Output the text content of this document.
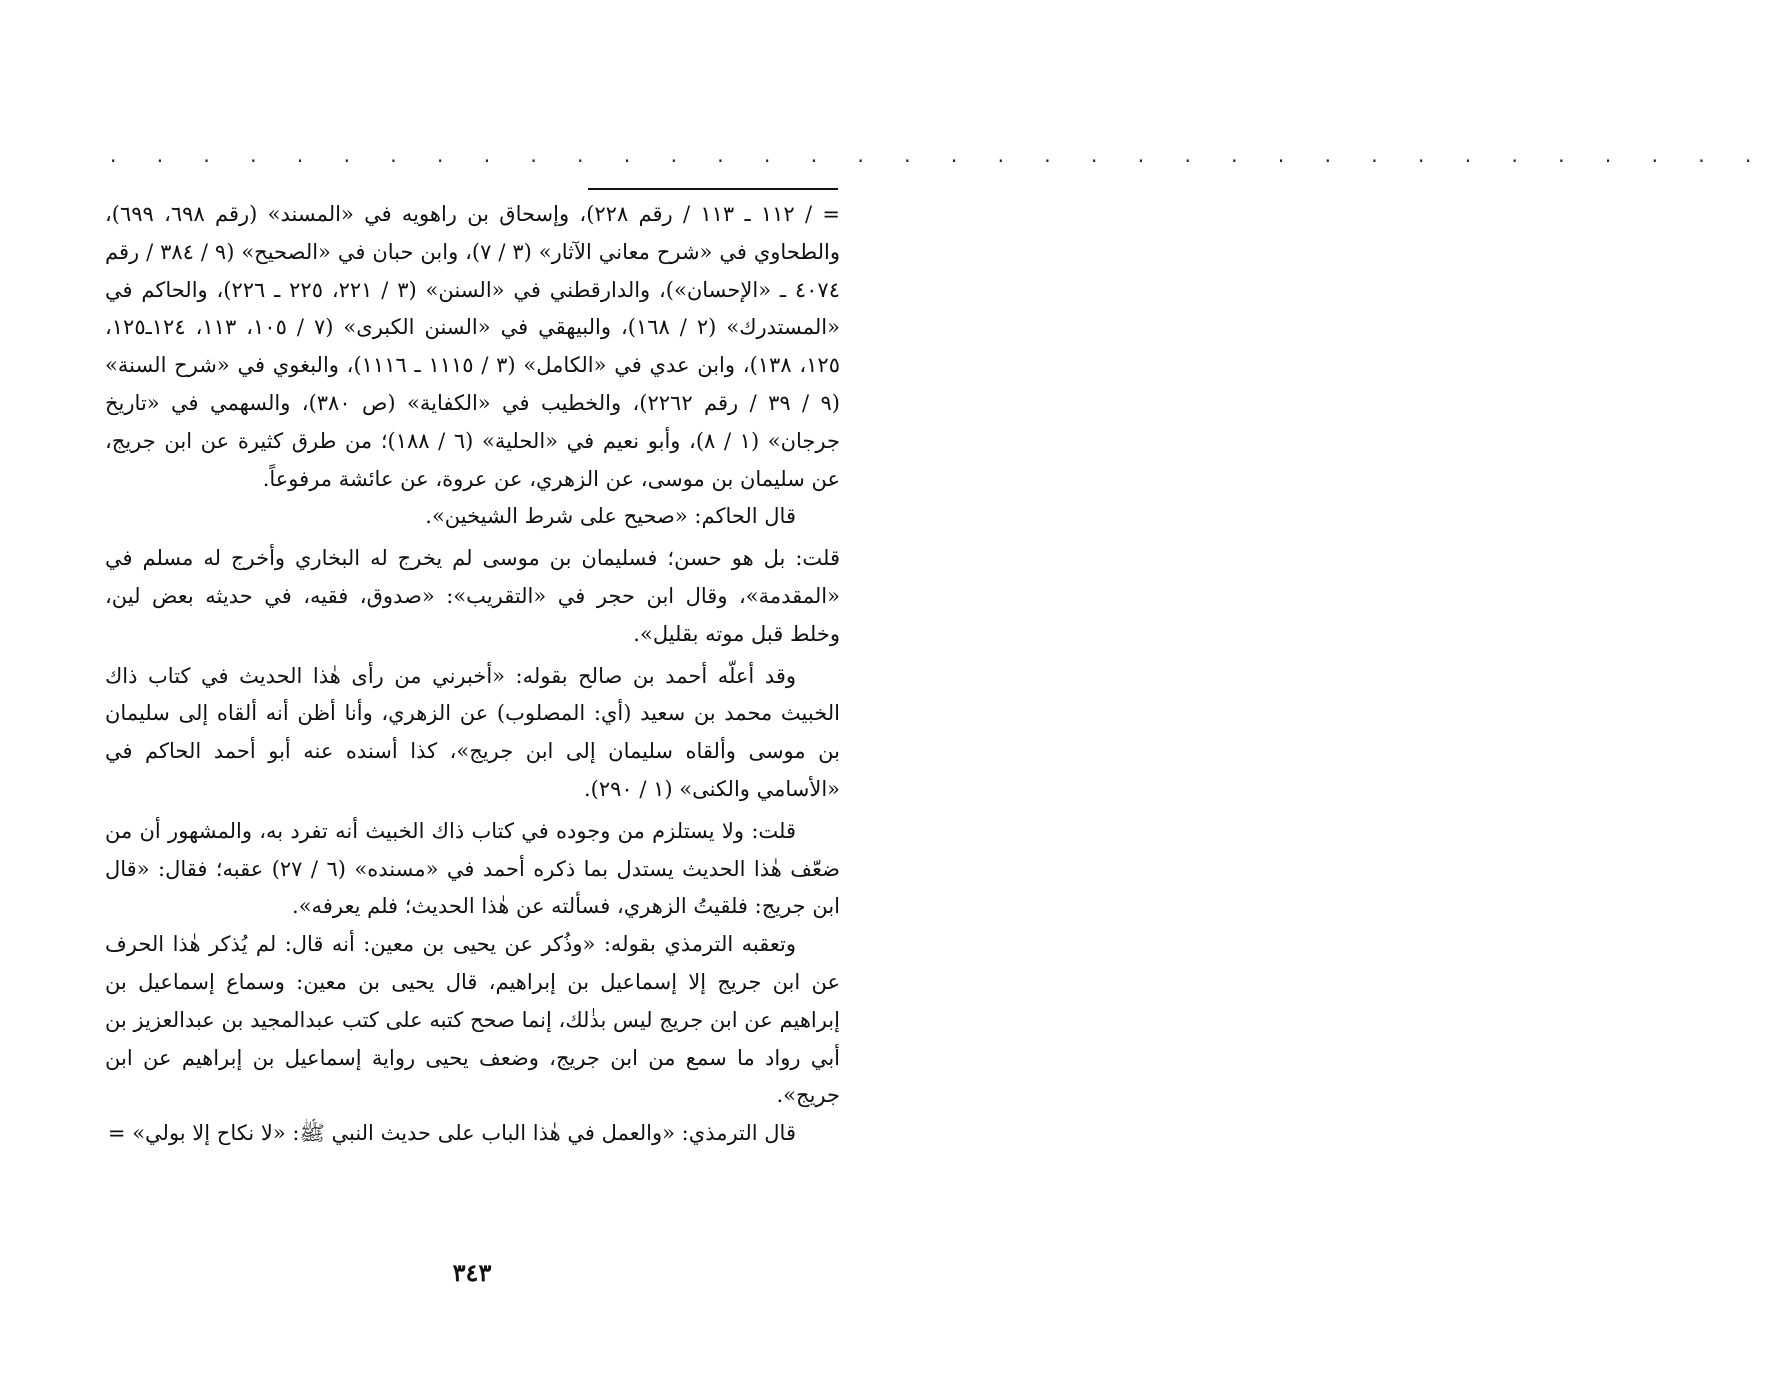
. . . . . . . . . . . . . . . . . . . . . . . . . . . . . . . . . . . .

= / ١١٢ ـ ١١٣ / رقم ٢٢٨)، وإسحاق بن راهويه في «المسند» (رقم ٦٩٨، ٦٩٩)، والطحاوي في «شرح معاني الآثار» (٣ / ٧)، وابن حبان في «الصحيح» (٩ / ٣٨٤ / رقم ٤٠٧٤ ـ «الإحسان»)، والدارقطني في «السنن» (٣ / ٢٢١، ٢٢٥ ـ ٢٢٦)، والحاكم في «المستدرك» (٢ / ١٦٨)، والبيهقي في «السنن الكبرى» (٧ / ١٠٥، ١١٣، ١٢٤ـ١٢٥، ١٢٥، ١٣٨)، وابن عدي في «الكامل» (٣ / ١١١٥ ـ ١١١٦)، والبغوي في «شرح السنة» (٩ / ٣٩ / رقم ٢٢٦٢)، والخطيب في «الكفاية» (ص ٣٨٠)، والسهمي في «تاريخ جرجان» (١ / ٨)، وأبو نعيم في «الحلية» (٦ / ١٨٨)؛ من طرق كثيرة عن ابن جريج، عن سليمان بن موسى، عن الزهري، عن عروة، عن عائشة مرفوعاً.

قال الحاكم: «صحيح على شرط الشيخين».

قلت: بل هو حسن؛ فسليمان بن موسى لم يخرج له البخاري وأخرج له مسلم في «المقدمة»، وقال ابن حجر في «التقريب»: «صدوق، فقيه، في حديثه بعض لين، وخلط قبل موته بقليل».

وقد أعلّه أحمد بن صالح بقوله: «أخبرني من رأى هٰذا الحديث في كتاب ذاك الخبيث محمد بن سعيد (أي: المصلوب) عن الزهري، وأنا أظن أنه ألقاه إلى سليمان بن موسى وألقاه سليمان إلى ابن جريج»، كذا أسنده عنه أبو أحمد الحاكم في «الأسامي والكنى» (١ / ٢٩٠).

قلت: ولا يستلزم من وجوده في كتاب ذاك الخبيث أنه تفرد به، والمشهور أن من ضعّف هٰذا الحديث يستدل بما ذكره أحمد في «مسنده» (٦ / ٢٧) عقبه؛ فقال: «قال ابن جريج: فلقيتُ الزهري، فسألته عن هٰذا الحديث؛ فلم يعرفه».

وتعقبه الترمذي بقوله: «وذُكر عن يحيى بن معين: أنه قال: لم يُذكر هٰذا الحرف عن ابن جريج إلا إسماعيل بن إبراهيم، قال يحيى بن معين: وسماع إسماعيل بن إبراهيم عن ابن جريج ليس بذٰلك، إنما صحح كتبه على كتب عبدالمجيد بن عبدالعزيز بن أبي رواد ما سمع من ابن جريج، وضعف يحيى رواية إسماعيل بن إبراهيم عن ابن جريج».

قال الترمذي: «والعمل في هٰذا الباب على حديث النبي ﷺ: «لا نكاح إلا بولي» =

٣٤٣
